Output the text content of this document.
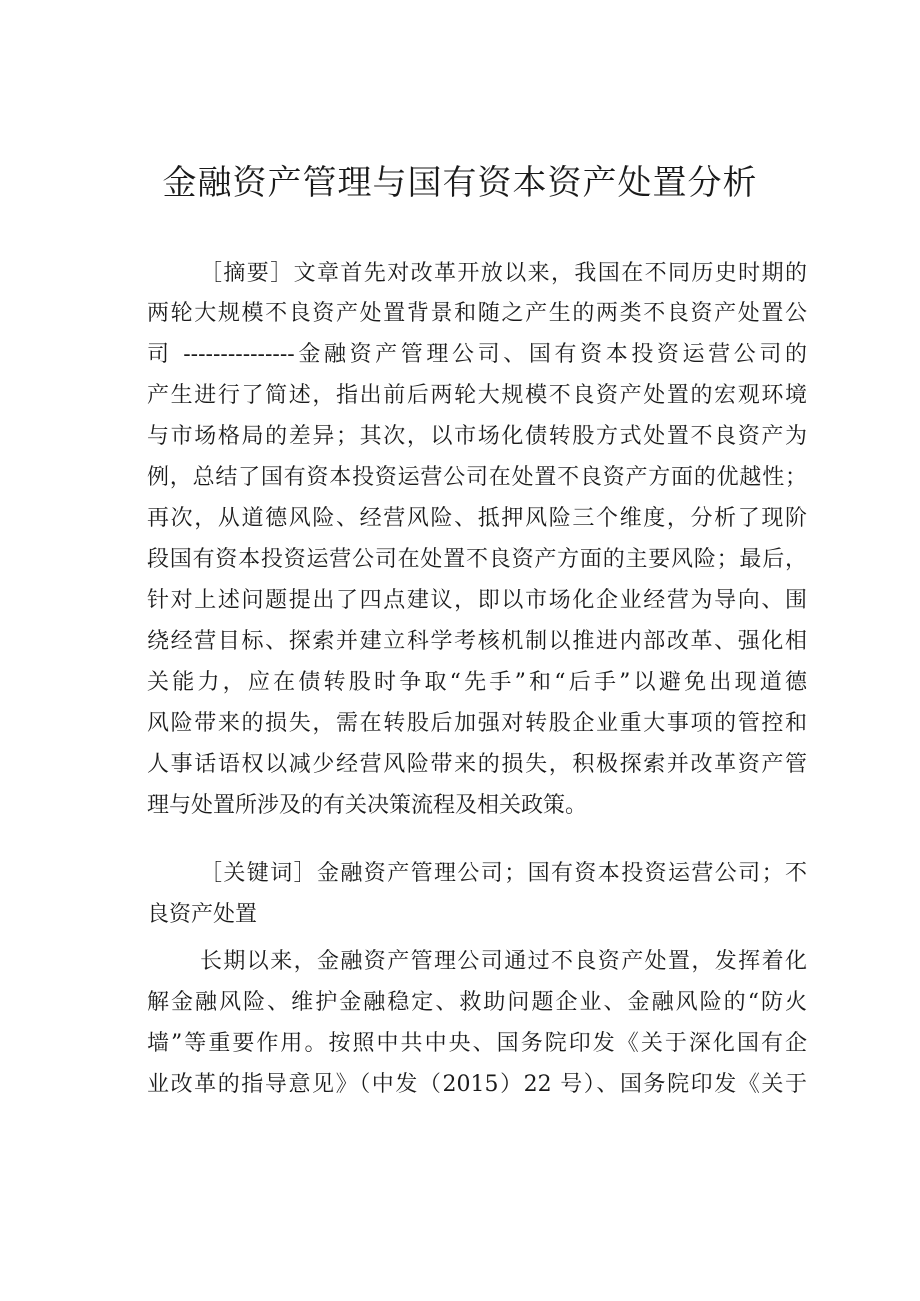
金融资产管理与国有资本资产处置分析
［摘要］文章首先对改革开放以来，我国在不同历史时期的
两轮大规模不良资产处置背景和随之产生的两类不良资产处置公
司 ---------------金融资产管理公司、国有资本投资运营公司的
产生进行了简述，指出前后两轮大规模不良资产处置的宏观环境
与市场格局的差异；其次，以市场化债转股方式处置不良资产为
例，总结了国有资本投资运营公司在处置不良资产方面的优越性；
再次，从道德风险、经营风险、抵押风险三个维度，分析了现阶
段国有资本投资运营公司在处置不良资产方面的主要风险；最后，
针对上述问题提出了四点建议，即以市场化企业经营为导向、围
绕经营目标、探索并建立科学考核机制以推进内部改革、强化相
关能力，应在债转股时争取“先手”和“后手”以避免出现道德
风险带来的损失，需在转股后加强对转股企业重大事项的管控和
人事话语权以减少经营风险带来的损失，积极探索并改革资产管
理与处置所涉及的有关决策流程及相关政策。
［关键词］金融资产管理公司；国有资本投资运营公司；不
良资产处置
长期以来，金融资产管理公司通过不良资产处置，发挥着化
解金融风险、维护金融稳定、救助问题企业、金融风险的“防火
墙”等重要作用。按照中共中央、国务院印发《关于深化国有企
业改革的指导意见》（中发（2015）22 号）、国务院印发《关于
